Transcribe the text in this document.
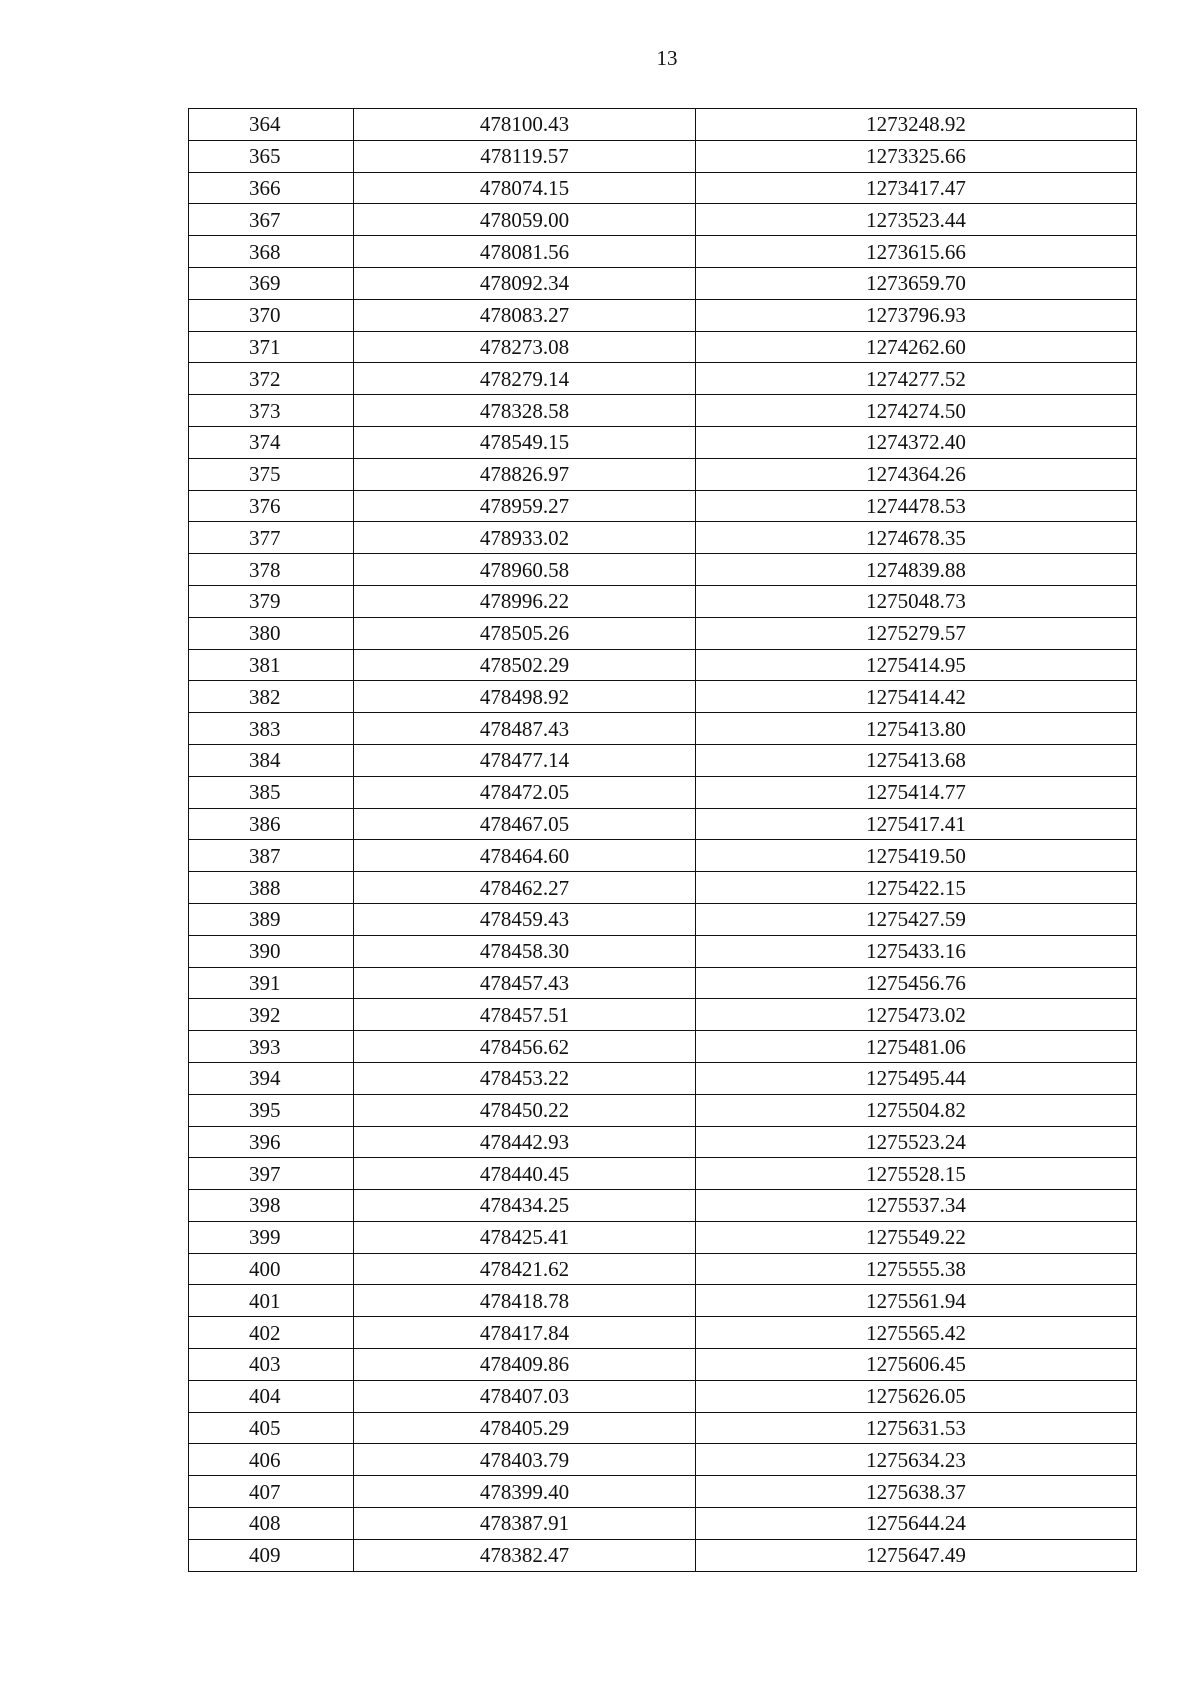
13
364	478100.43	1273248.92
365	478119.57	1273325.66
366	478074.15	1273417.47
367	478059.00	1273523.44
368	478081.56	1273615.66
369	478092.34	1273659.70
370	478083.27	1273796.93
371	478273.08	1274262.60
372	478279.14	1274277.52
373	478328.58	1274274.50
374	478549.15	1274372.40
375	478826.97	1274364.26
376	478959.27	1274478.53
377	478933.02	1274678.35
378	478960.58	1274839.88
379	478996.22	1275048.73
380	478505.26	1275279.57
381	478502.29	1275414.95
382	478498.92	1275414.42
383	478487.43	1275413.80
384	478477.14	1275413.68
385	478472.05	1275414.77
386	478467.05	1275417.41
387	478464.60	1275419.50
388	478462.27	1275422.15
389	478459.43	1275427.59
390	478458.30	1275433.16
391	478457.43	1275456.76
392	478457.51	1275473.02
393	478456.62	1275481.06
394	478453.22	1275495.44
395	478450.22	1275504.82
396	478442.93	1275523.24
397	478440.45	1275528.15
398	478434.25	1275537.34
399	478425.41	1275549.22
400	478421.62	1275555.38
401	478418.78	1275561.94
402	478417.84	1275565.42
403	478409.86	1275606.45
404	478407.03	1275626.05
405	478405.29	1275631.53
406	478403.79	1275634.23
407	478399.40	1275638.37
408	478387.91	1275644.24
409	478382.47	1275647.49
